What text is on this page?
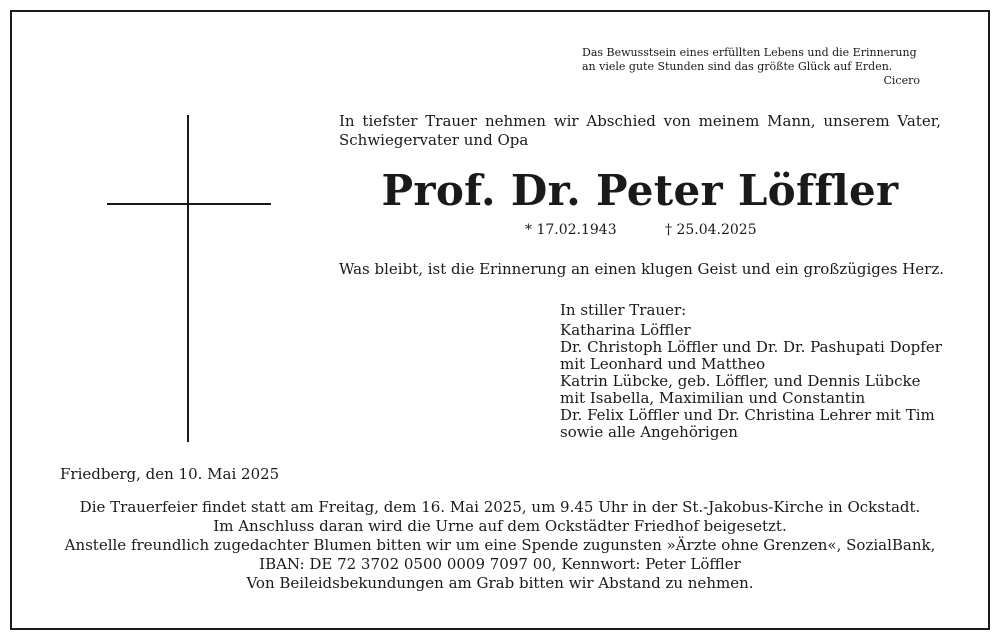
Das Bewusstsein eines erfüllten Lebens und die Erinnerung
an viele gute Stunden sind das größte Glück auf Erden.
Cicero
In tiefster Trauer nehmen wir Abschied von meinem Mann, unserem Vater, Schwiegervater und Opa
Prof. Dr. Peter Löffler
* 17.02.1943	† 25.04.2025
Was bleibt, ist die Erinnerung an einen klugen Geist und ein großzügiges Herz.
In stiller Trauer:
Katharina Löffler
Dr. Christoph Löffler und Dr. Dr. Pashupati Dopfer
mit Leonhard und Mattheo
Katrin Lübcke, geb. Löffler, und Dennis Lübcke
mit Isabella, Maximilian und Constantin
Dr. Felix Löffler und Dr. Christina Lehrer mit Tim
sowie alle Angehörigen
Friedberg, den 10. Mai 2025
Die Trauerfeier findet statt am Freitag, dem 16. Mai 2025, um 9.45 Uhr in der St.-Jakobus-Kirche in Ockstadt.
Im Anschluss daran wird die Urne auf dem Ockstädter Friedhof beigesetzt.
Anstelle freundlich zugedachter Blumen bitten wir um eine Spende zugunsten »Ärzte ohne Grenzen«, SozialBank,
IBAN: DE 72 3702 0500 0009 7097 00, Kennwort: Peter Löffler
Von Beileidsbekundungen am Grab bitten wir Abstand zu nehmen.
